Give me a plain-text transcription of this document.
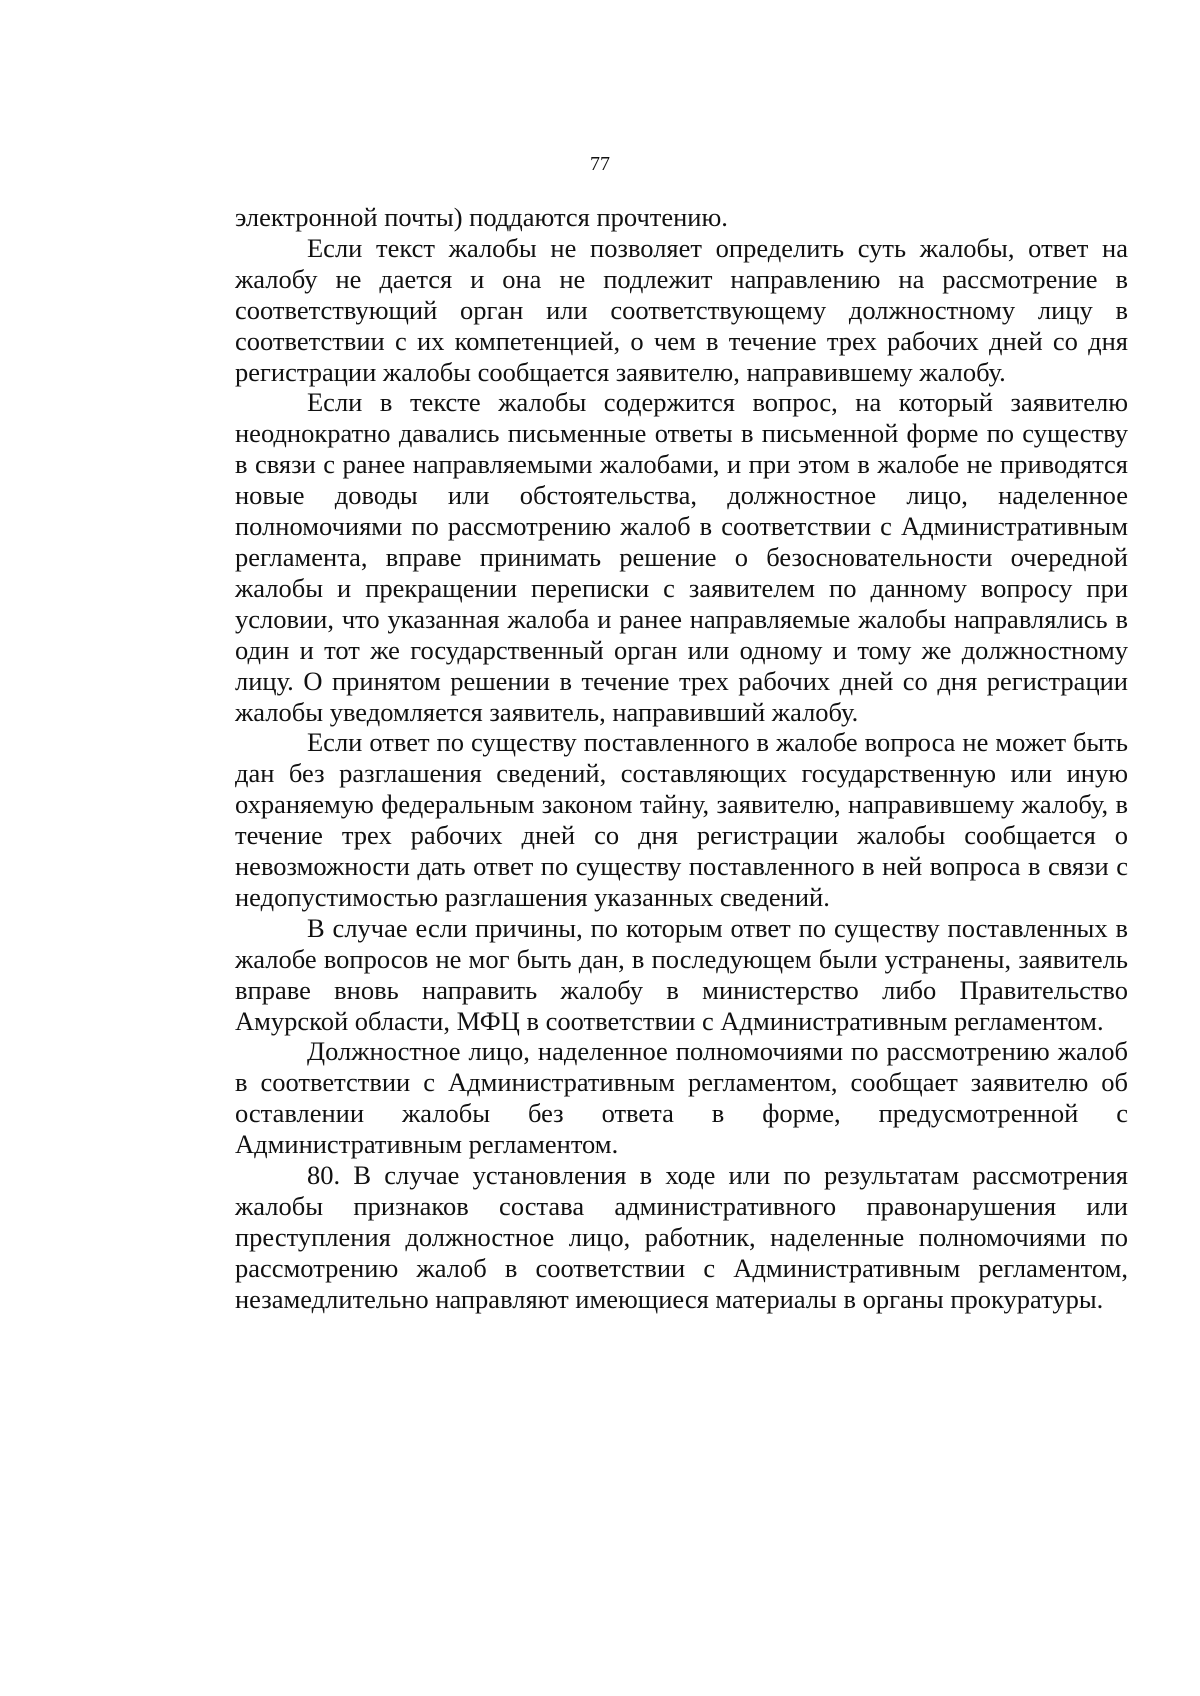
77

электронной почты) поддаются прочтению.

Если текст жалобы не позволяет определить суть жалобы, ответ на жалобу не дается и она не подлежит направлению на рассмотрение в соответствующий орган или соответствующему должностному лицу в соответствии с их компетенцией, о чем в течение трех рабочих дней со дня регистрации жалобы сообщается заявителю, направившему жалобу.

Если в тексте жалобы содержится вопрос, на который заявителю неоднократно давались письменные ответы в письменной форме по существу в связи с ранее направляемыми жалобами, и при этом в жалобе не приводятся новые доводы или обстоятельства, должностное лицо, наделенное полномочиями по рассмотрению жалоб в соответствии с Административным регламента, вправе принимать решение о безосновательности очередной жалобы и прекращении переписки с заявителем по данному вопросу при условии, что указанная жалоба и ранее направляемые жалобы направлялись в один и тот же государственный орган или одному и тому же должностному лицу. О принятом решении в течение трех рабочих дней со дня регистрации жалобы уведомляется заявитель, направивший жалобу.

Если ответ по существу поставленного в жалобе вопроса не может быть дан без разглашения сведений, составляющих государственную или иную охраняемую федеральным законом тайну, заявителю, направившему жалобу, в течение трех рабочих дней со дня регистрации жалобы сообщается о невозможности дать ответ по существу поставленного в ней вопроса в связи с недопустимостью разглашения указанных сведений.

В случае если причины, по которым ответ по существу поставленных в жалобе вопросов не мог быть дан, в последующем были устранены, заявитель вправе вновь направить жалобу в министерство либо Правительство Амурской области, МФЦ в соответствии с Административным регламентом.

Должностное лицо, наделенное полномочиями по рассмотрению жалоб в соответствии с Административным регламентом, сообщает заявителю об оставлении жалобы без ответа в форме, предусмотренной с Административным регламентом.

80. В случае установления в ходе или по результатам рассмотрения жалобы признаков состава административного правонарушения или преступления должностное лицо, работник, наделенные полномочиями по рассмотрению жалоб в соответствии с Административным регламентом, незамедлительно направляют имеющиеся материалы в органы прокуратуры.
